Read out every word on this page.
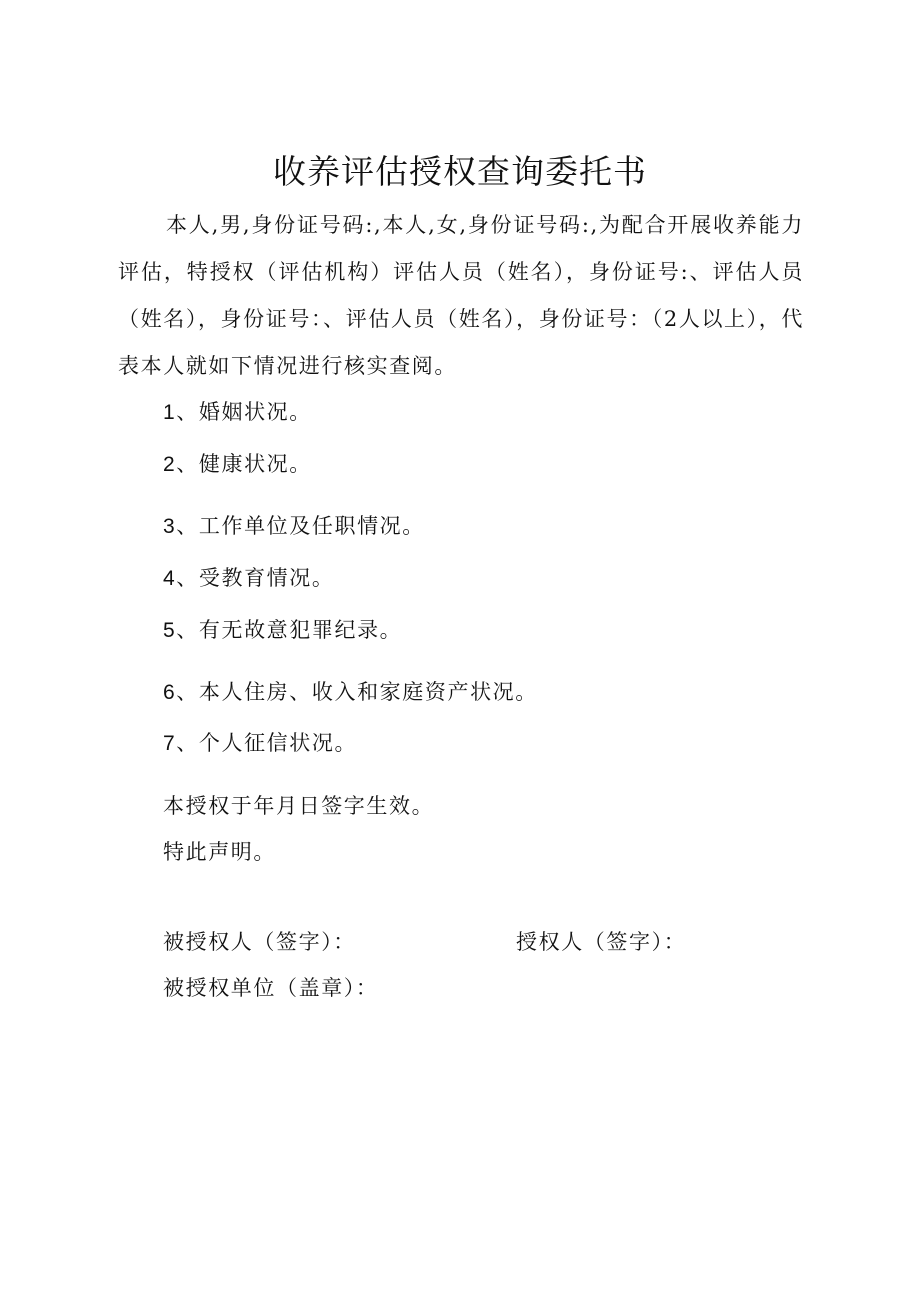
收养评估授权查询委托书

本人,男,身份证号码:,本人,女,身份证号码:,为配合开展收养能力评估，特授权（评估机构）评估人员（姓名），身份证号:、评估人员（姓名），身份证号：、评估人员（姓名），身份证号：（2人以上），代表本人就如下情况进行核实查阅。

1、婚姻状况。
2、健康状况。
3、工作单位及任职情况。
4、受教育情况。
5、有无故意犯罪纪录。
6、本人住房、收入和家庭资产状况。
7、个人征信状况。
本授权于年月日签字生效。
特此声明。
被授权人（签字）：	授权人（签字）：
被授权单位（盖章）：
